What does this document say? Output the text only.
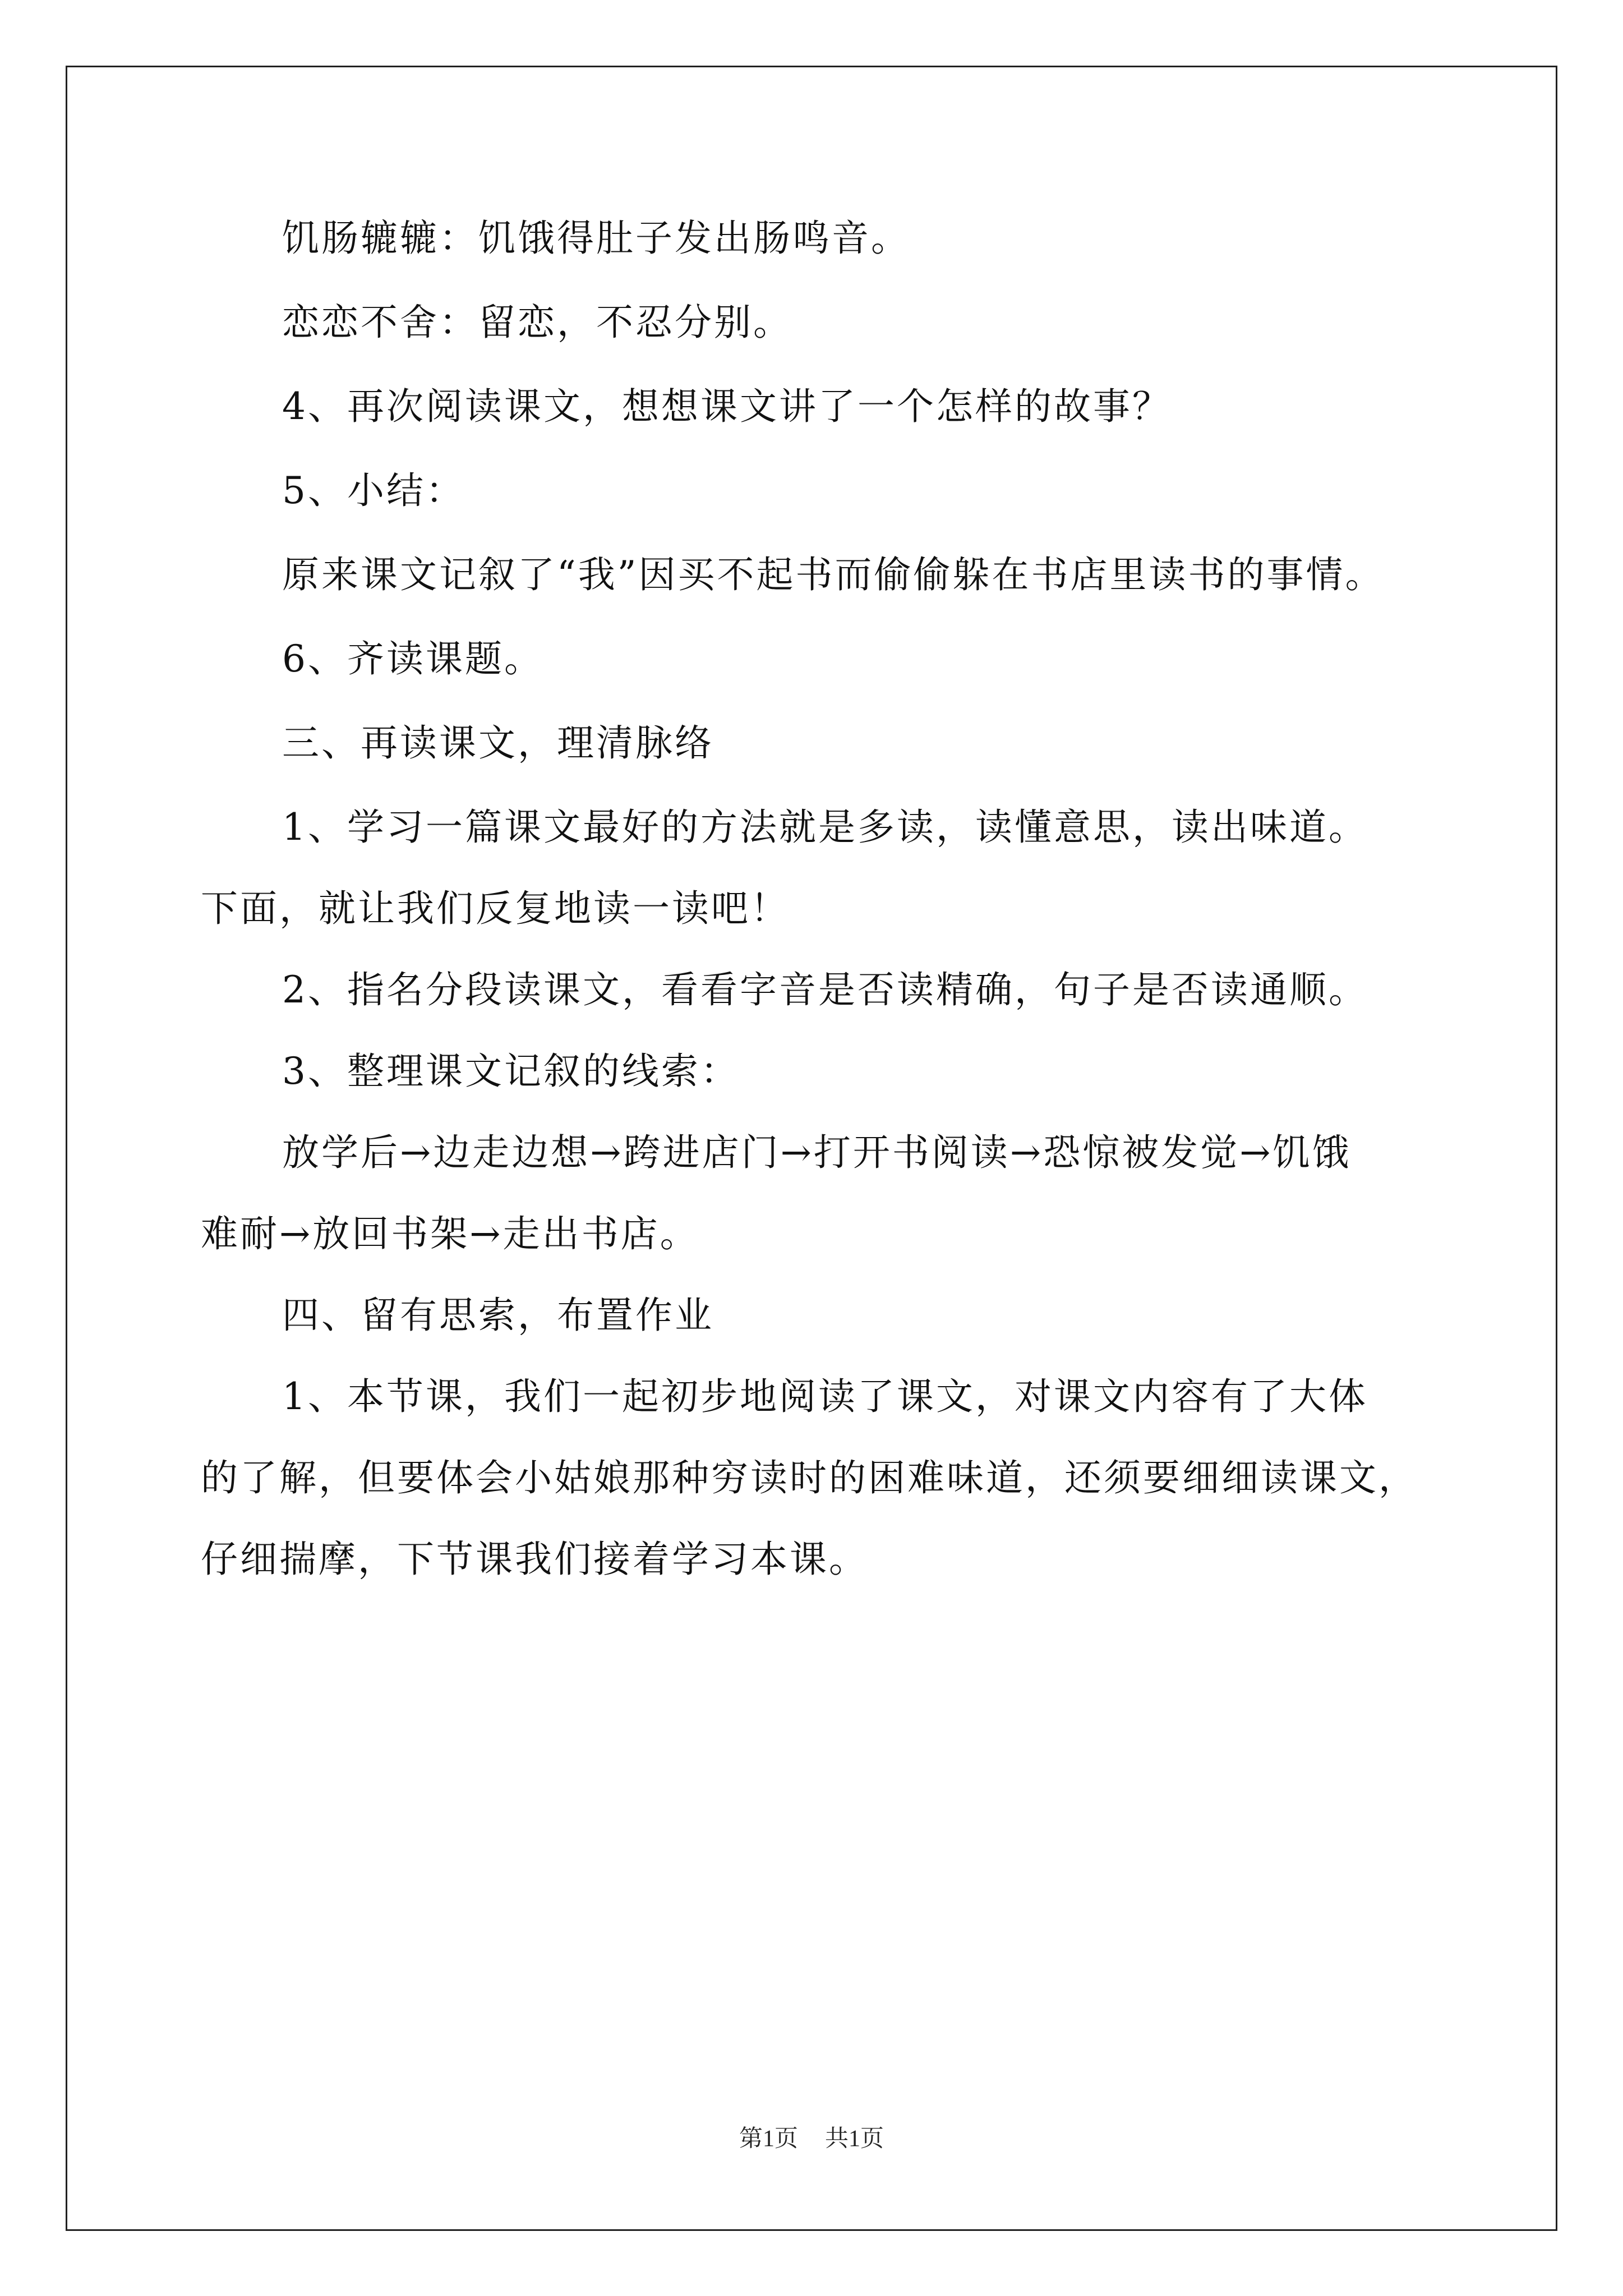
饥肠辘辘：饥饿得肚子发出肠鸣音。
恋恋不舍：留恋，不忍分别。
4、再次阅读课文，想想课文讲了一个怎样的故事？
5、小结：
原来课文记叙了“我”因买不起书而偷偷躲在书店里读书的事情。
6、齐读课题。
三、再读课文，理清脉络
1、学习一篇课文最好的方法就是多读，读懂意思，读出味道。
下面，就让我们反复地读一读吧！
2、指名分段读课文，看看字音是否读精确，句子是否读通顺。
3、整理课文记叙的线索：
放学后→边走边想→跨进店门→打开书阅读→恐惊被发觉→饥饿
难耐→放回书架→走出书店。
四、留有思索，布置作业
1、本节课，我们一起初步地阅读了课文，对课文内容有了大体
的了解，但要体会小姑娘那种穷读时的困难味道，还须要细细读课文，
仔细揣摩，下节课我们接着学习本课。
第1页 共1页
